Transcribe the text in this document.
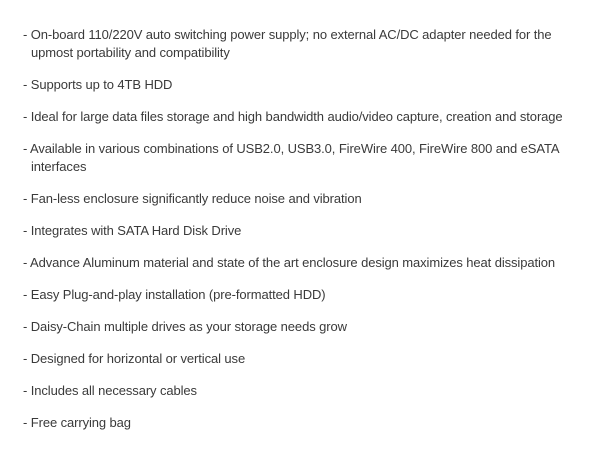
- On-board 110/220V auto switching power supply; no external AC/DC adapter needed for the upmost portability and compatibility
- Supports up to 4TB HDD
- Ideal for large data files storage and high bandwidth audio/video capture, creation and storage
- Available in various combinations of USB2.0, USB3.0, FireWire 400, FireWire 800 and eSATA interfaces
- Fan-less enclosure significantly reduce noise and vibration
- Integrates with SATA Hard Disk Drive
- Advance Aluminum material and state of the art enclosure design maximizes heat dissipation
- Easy Plug-and-play installation (pre-formatted HDD)
- Daisy-Chain multiple drives as your storage needs grow
- Designed for horizontal or vertical use
- Includes all necessary cables
- Free carrying bag
